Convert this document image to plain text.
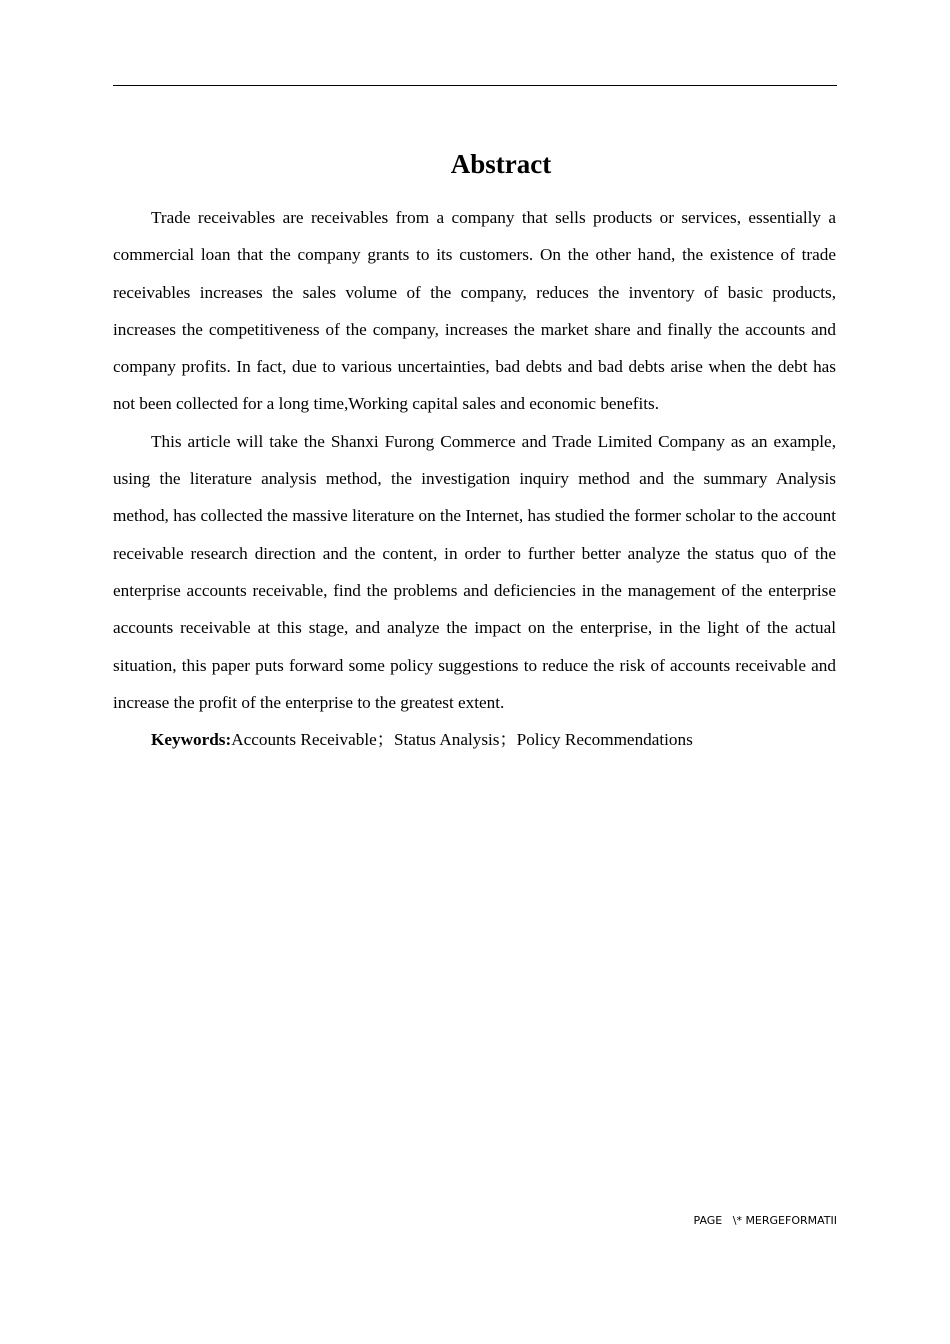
Abstract

Trade receivables are receivables from a company that sells products or services, essentially a commercial loan that the company grants to its customers. On the other hand, the existence of trade receivables increases the sales volume of the company, reduces the inventory of basic products, increases the competitiveness of the company, increases the market share and finally the accounts and company profits. In fact, due to various uncertainties, bad debts and bad debts arise when the debt has not been collected for a long time,Working capital sales and economic benefits.

This article will take the Shanxi Furong Commerce and Trade Limited Company as an example, using the literature analysis method, the investigation inquiry method and the summary Analysis method, has collected the massive literature on the Internet, has studied the former scholar to the account receivable research direction and the content, in order to further better analyze the status quo of the enterprise accounts receivable, find the problems and deficiencies in the management of the enterprise accounts receivable at this stage, and analyze the impact on the enterprise, in the light of the actual situation, this paper puts forward some policy suggestions to reduce the risk of accounts receivable and increase the profit of the enterprise to the greatest extent.

Keywords:Accounts Receivable；Status Analysis；Policy Recommendations

PAGE   \* MERGEFORMATII
